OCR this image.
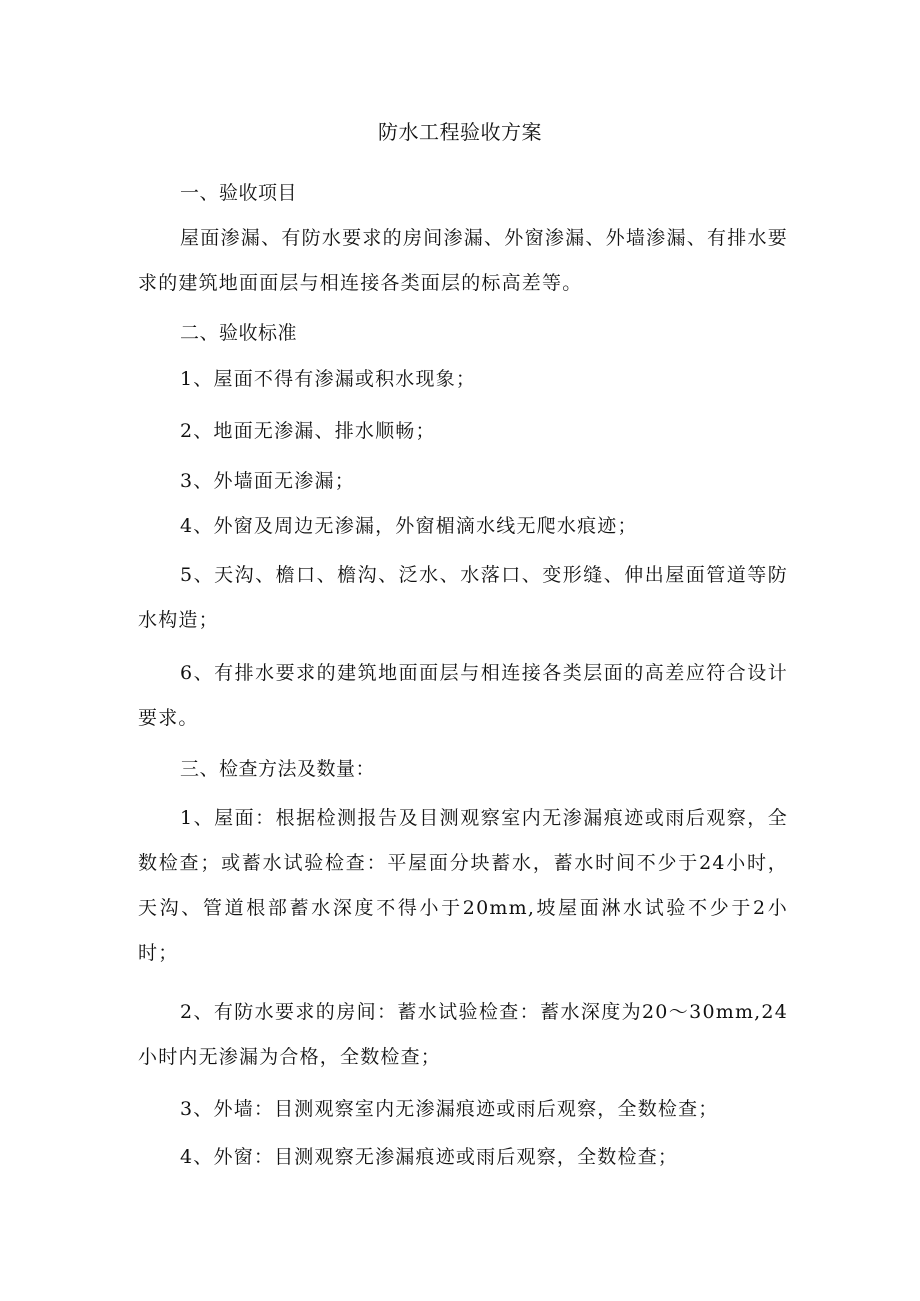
防水工程验收方案

一、验收项目

屋面渗漏、有防水要求的房间渗漏、外窗渗漏、外墙渗漏、有排水要求的建筑地面面层与相连接各类面层的标高差等。

二、验收标准

1、屋面不得有渗漏或积水现象；

2、地面无渗漏、排水顺畅；

3、外墙面无渗漏；

4、外窗及周边无渗漏，外窗楣滴水线无爬水痕迹；

5、天沟、檐口、檐沟、泛水、水落口、变形缝、伸出屋面管道等防水构造；

6、有排水要求的建筑地面面层与相连接各类层面的高差应符合设计要求。

三、检查方法及数量：

1、屋面：根据检测报告及目测观察室内无渗漏痕迹或雨后观察，全数检查；或蓄水试验检查：平屋面分块蓄水，蓄水时间不少于24小时，天沟、管道根部蓄水深度不得小于20mm,坡屋面淋水试验不少于2小时；

2、有防水要求的房间：蓄水试验检查：蓄水深度为20～30mm,24小时内无渗漏为合格，全数检查；

3、外墙：目测观察室内无渗漏痕迹或雨后观察，全数检查；

4、外窗：目测观察无渗漏痕迹或雨后观察，全数检查；
